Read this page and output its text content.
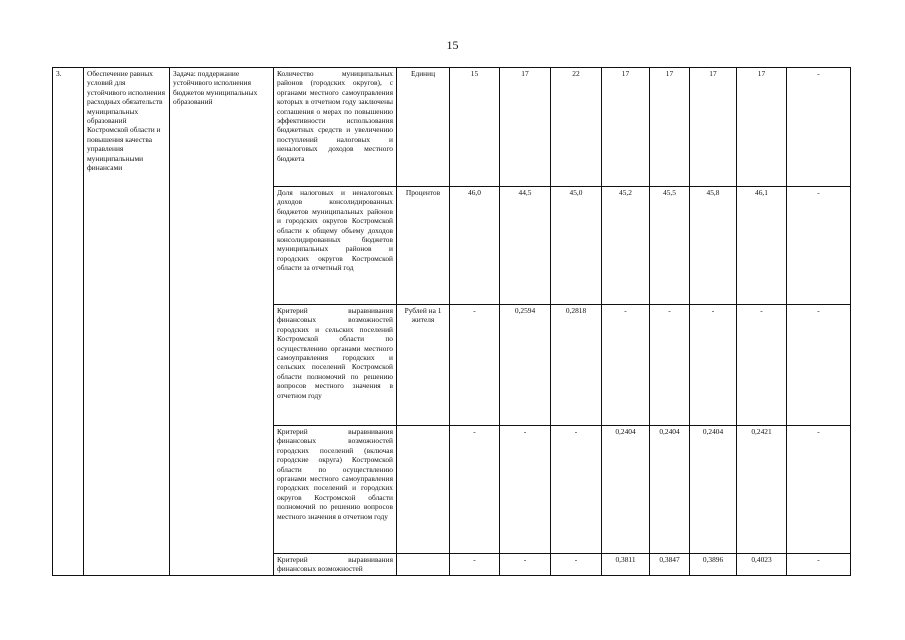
15
3.	Обеспечение равных условий для устойчивого исполнения расходных обязательств муниципальных образований Костромской области и повышения качества управления муниципальными финансами	Задача: поддержание устойчивого исполнения бюджетов муниципальных образований	Количество муниципальных районов (городских округов), с органами местного самоуправления которых в отчетном году заключены соглашения о мерах по повышению эффективности использования бюджетных средств и увеличению поступлений налоговых и неналоговых доходов местного бюджета	Единиц	15	17	22	17	17	17	17	-
			Доля налоговых и неналоговых доходов консолидированных бюджетов муниципальных районов и городских округов Костромской области к общему объему доходов консолидированных бюджетов муниципальных районов и городских округов Костромской области за отчетный год	Процентов	46,0	44,5	45,0	45,2	45,5	45,8	46,1	-
			Критерий выравнивания финансовых возможностей городских и сельских поселений Костромской области по осуществлению органами местного самоуправления городских и сельских поселений Костромской области полномочий по решению вопросов местного значения в отчетном году	Рублей на 1 жителя	-	0,2594	0,2818	-	-	-	-	-
			Критерий выравнивания финансовых возможностей городских поселений (включая городские округа) Костромской области по осуществлению органами местного самоуправления городских поселений и городских округов Костромской области полномочий по решению вопросов местного значения в отчетном году		-	-	-	0,2404	0,2404	0,2404	0,2421	-
			Критерий выравнивания финансовых возможностей		-	-	-	0,3811	0,3847	0,3896	0,4023	-
